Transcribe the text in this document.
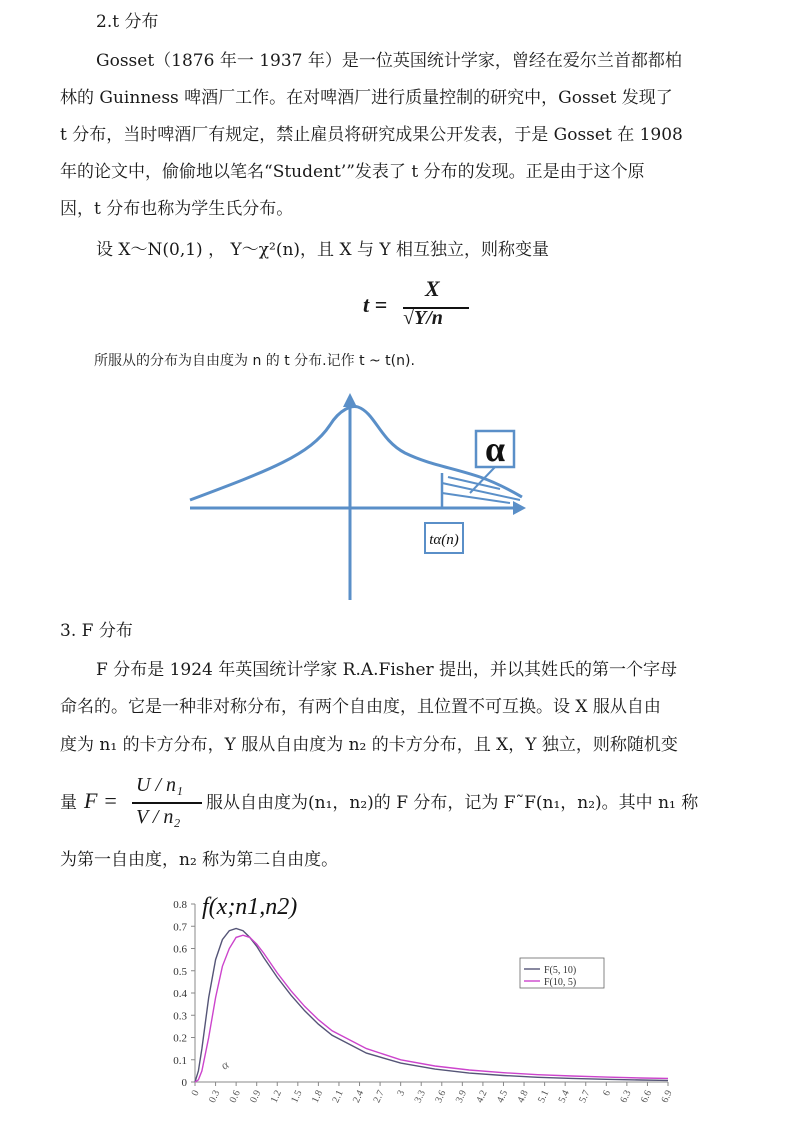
2.t 分布
Gosset（1876 年一 1937 年）是一位英国统计学家，曾经在爱尔兰首都都柏
林的 Guinness 啤酒厂工作。在对啤酒厂进行质量控制的研究中，Gosset 发现了
t 分布，当时啤酒厂有规定，禁止雇员将研究成果公开发表，于是 Gosset 在 1908
年的论文中，偷偷地以笔名“Student’”发表了 t 分布的发现。正是由于这个原
因，t 分布也称为学生氏分布。
设 X～N(0,1) ， Y～χ²(n)，且 X 与 Y 相互独立，则称变量
t =
X
√Y/n
所服从的分布为自由度为 n 的 t 分布.记作 t ~ t(n).
α
tα(n)
3. F 分布
F 分布是 1924 年英国统计学家 R.A.Fisher 提出，并以其姓氏的第一个字母
命名的。它是一种非对称分布，有两个自由度，且位置不可互换。设 X 服从自由
度为 n₁ 的卡方分布，Y 服从自由度为 n₂ 的卡方分布，且 X，Y 独立，则称随机变
量 F =
U / n₁
V / n₂
服从自由度为(n₁，n₂)的 F 分布，记为 F˜F(n₁，n₂)。其中 n₁ 称
为第一自由度，n₂ 称为第二自由度。
f(x;n1,n2)
0
0.1
0.2
0.3
0.4
0.5
0.6
0.7
0.8
0 0.3 0.6 0.9 1.2 1.5 1.8 2.1 2.4 2.7 3 3.3 3.6 3.9 4.2 4.5 4.8 5.1 5.4 5.7 6 6.3 6.6 6.9
F(5, 10)
F(10, 5)
α
